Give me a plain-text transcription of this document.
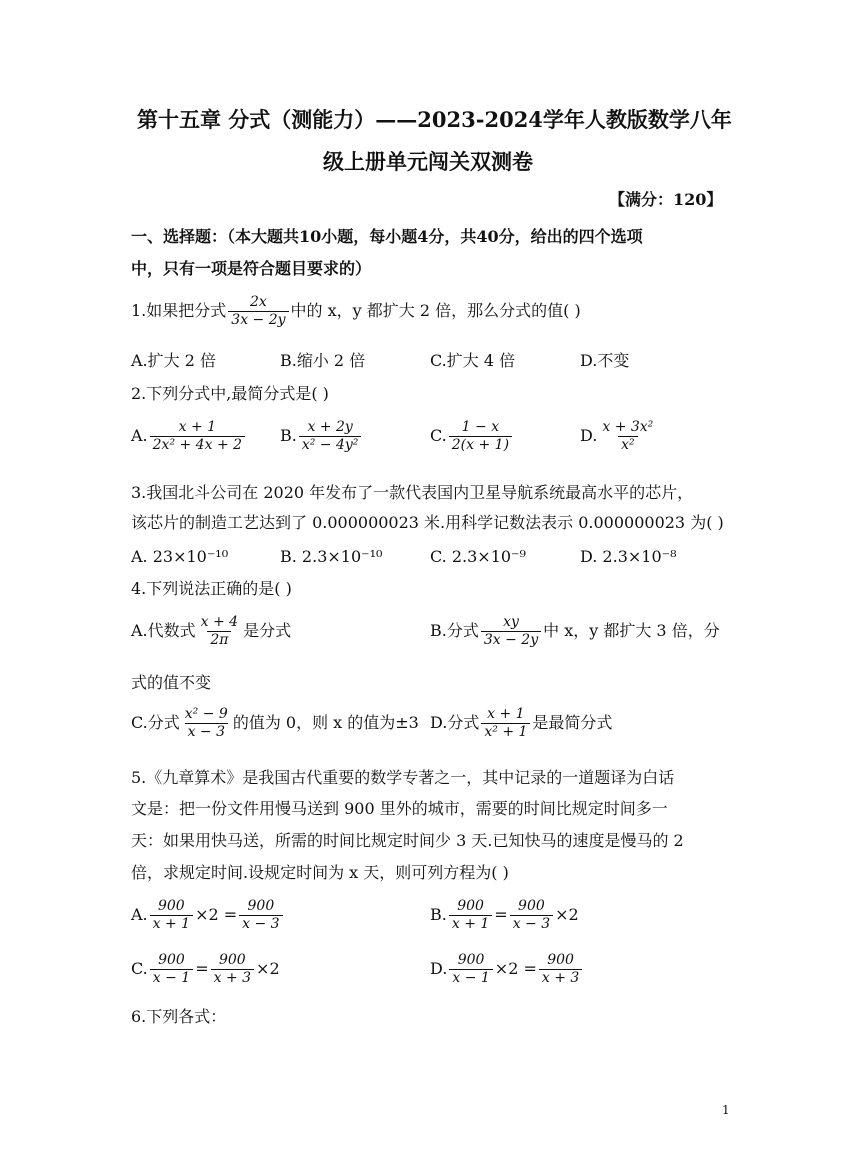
第十五章 分式（测能力）——2023-2024学年人教版数学八年
级上册单元闯关双测卷
【满分：120】
一、选择题：（本大题共10小题，每小题4分，共40分，给出的四个选项
中，只有一项是符合题目要求的）
1.如果把分式 $\frac{2x}{3x - 2y}$ 中的 x，y 都扩大 2 倍，那么分式的值( )
A.扩大 2 倍	B.缩小 2 倍	C.扩大 4 倍	D.不变
2.下列分式中,最简分式是( )
A. $\frac{x + 1}{\text{2x² + 4x + 2}} B$. $\frac{x + 2y}{\text{x² − 4y²}}$	C. $\frac{1 - x}{2(x + 1)}$	D. $\frac{\text{x + 3x²}}{\text{x²}}$
3.我国北斗公司在 2020 年发布了一款代表国内卫星导航系统最高水平的芯片，
该芯片的制造工艺达到了 0.000000023 米.用科学记数法表示 0.000000023 为( )
A. 23×10⁻¹⁰	B. 2.3×10⁻¹⁰	C. 2.3×10⁻⁹	D. 2.3×10⁻⁸
4.下列说法正确的是( )
A.代数式 $\frac{x + 4}{2\pi}$ 是分式	B.分式 $\frac{xy}{3x - 2y}$ 中 x，y 都扩大 3 倍，分
式的值不变
C.分式 $\frac{\text{x² − 9}}{x - 3}$ 的值为 0，则 x 的值为±3 D.分式 $\frac{x + 1}{\text{x² + 1}}$ 是最简分式
5.《九章算术》是我国古代重要的数学专著之一，其中记录的一道题译为白话
文是：把一份文件用慢马送到 900 里外的城市，需要的时间比规定时间多一
天：如果用快马送，所需的时间比规定时间少 3 天.已知快马的速度是慢马的 2
倍，求规定时间.设规定时间为 x 天，则可列方程为( )
A. $\frac{900}{x + 1} \times 2 = \frac{900}{x - 3}$	B. $\frac{900}{x + 1} = \frac{900}{x - 3} \times 2$
C. $\frac{900}{x - 1} = \frac{900}{x + 3} \times 2$	D. $\frac{900}{x - 1} \times 2 = \frac{900}{x + 3}$
6.下列各式：
1
